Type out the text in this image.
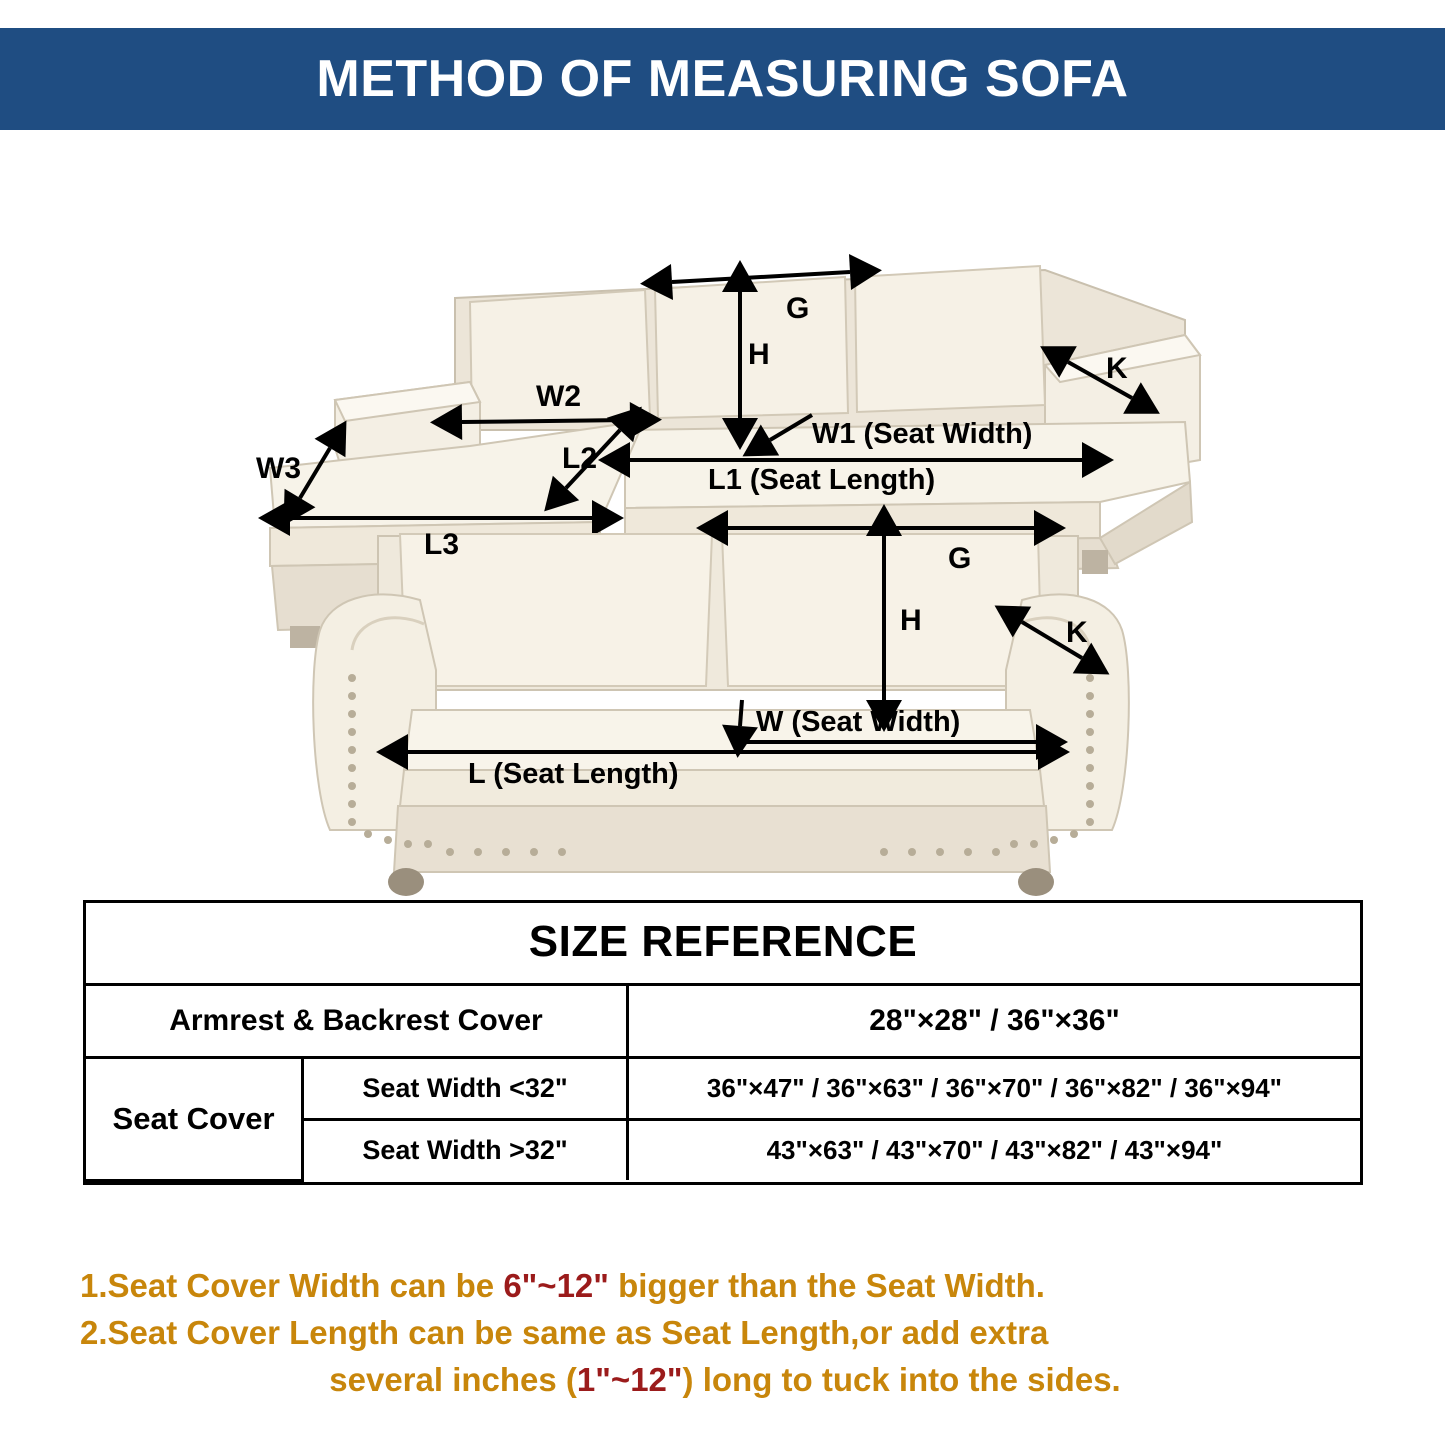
METHOD OF MEASURING SOFA
G
H	K
W1 (Seat Width)
W2
W3	L1 (Seat Length)
L2
L3	G
H	K
W (Seat Width)
L (Seat Length)
SIZE REFERENCE		
Armrest & Backrest Cover		28"×28" / 36"×36"
Seat Cover	Seat Width <32"	36"×47" / 36"×63" / 36"×70" / 36"×82" / 36"×94"
	Seat Width >32"	43"×63" / 43"×70" / 43"×82" / 43"×94"
1.Seat Cover Width can be 6"~12" bigger than the Seat Width.
2.Seat Cover Length can be same as Seat Length,or add extra
several inches (1"~12") long to tuck into the sides.
